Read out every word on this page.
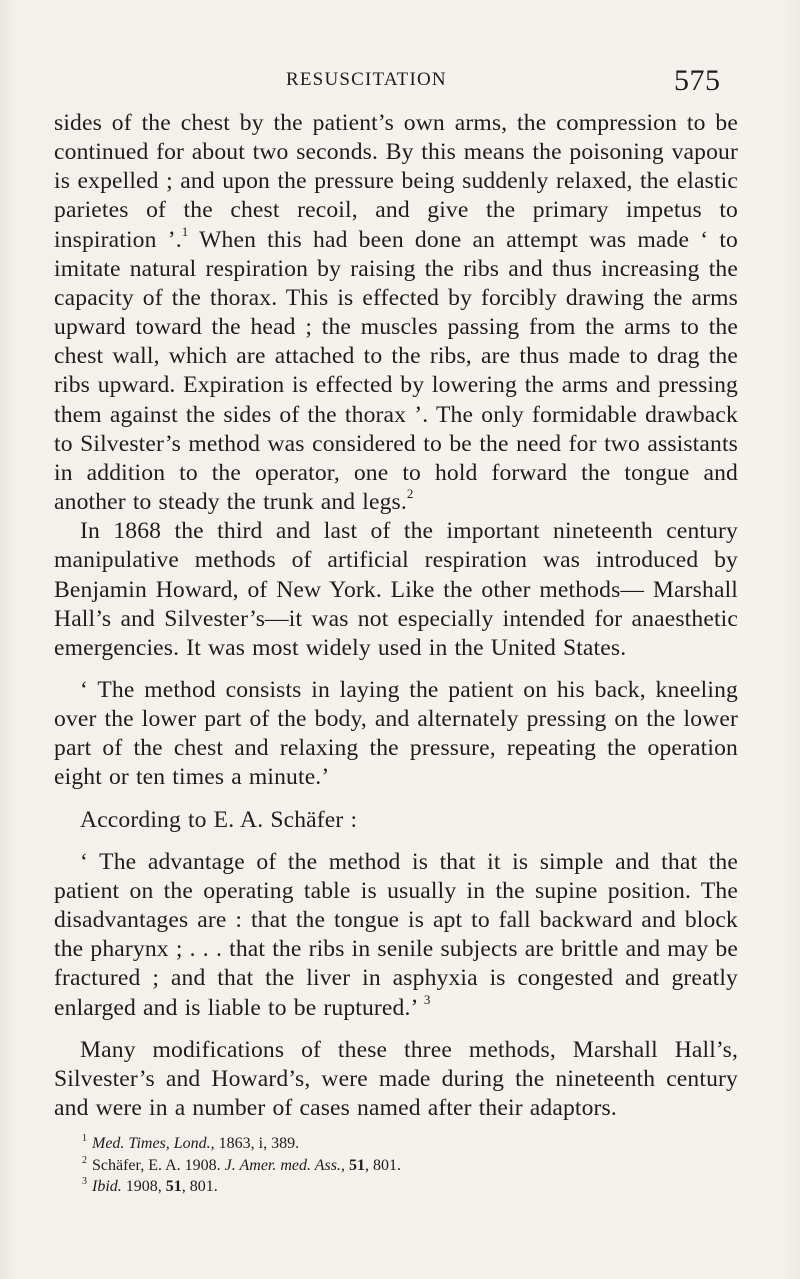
RESUSCITATION	575

sides of the chest by the patient’s own arms, the compression to be continued for about two seconds. By this means the poisoning vapour is expelled ; and upon the pressure being suddenly relaxed, the elastic parietes of the chest recoil, and give the primary impetus to inspiration ’.$^1$ When this had been done an attempt was made ‘ to imitate natural respiration by raising the ribs and thus increasing the capacity of the thorax. This is effected by forcibly drawing the arms upward toward the head ; the muscles passing from the arms to the chest wall, which are attached to the ribs, are thus made to drag the ribs upward. Expiration is effected by lowering the arms and pressing them against the sides of the thorax ’. The only formidable drawback to Silvester’s method was considered to be the need for two assistants in addition to the operator, one to hold forward the tongue and another to steady the trunk and legs.$^2$

In 1868 the third and last of the important nineteenth century manipulative methods of artificial respiration was introduced by Benjamin Howard, of New York. Like the other methods— Marshall Hall’s and Silvester’s—it was not especially intended for anaesthetic emergencies. It was most widely used in the United States.

‘ The method consists in laying the patient on his back, kneeling over the lower part of the body, and alternately pressing on the lower part of the chest and relaxing the pressure, repeating the operation eight or ten times a minute.’

According to E. A. Schäfer :

‘ The advantage of the method is that it is simple and that the patient on the operating table is usually in the supine position. The disadvantages are : that the tongue is apt to fall backward and block the pharynx ; . . . that the ribs in senile subjects are brittle and may be fractured ; and that the liver in asphyxia is congested and greatly enlarged and is liable to be ruptured.’ $^3$

Many modifications of these three methods, Marshall Hall’s, Silvester’s and Howard’s, were made during the nineteenth century and were in a number of cases named after their adaptors.

$^1$ Med. Times, Lond., 1863, i, 389.
$^2$ Schäfer, E. A. 1908. J. Amer. med. Ass., 51, 801.
$^3$ Ibid. 1908, 51, 801.
